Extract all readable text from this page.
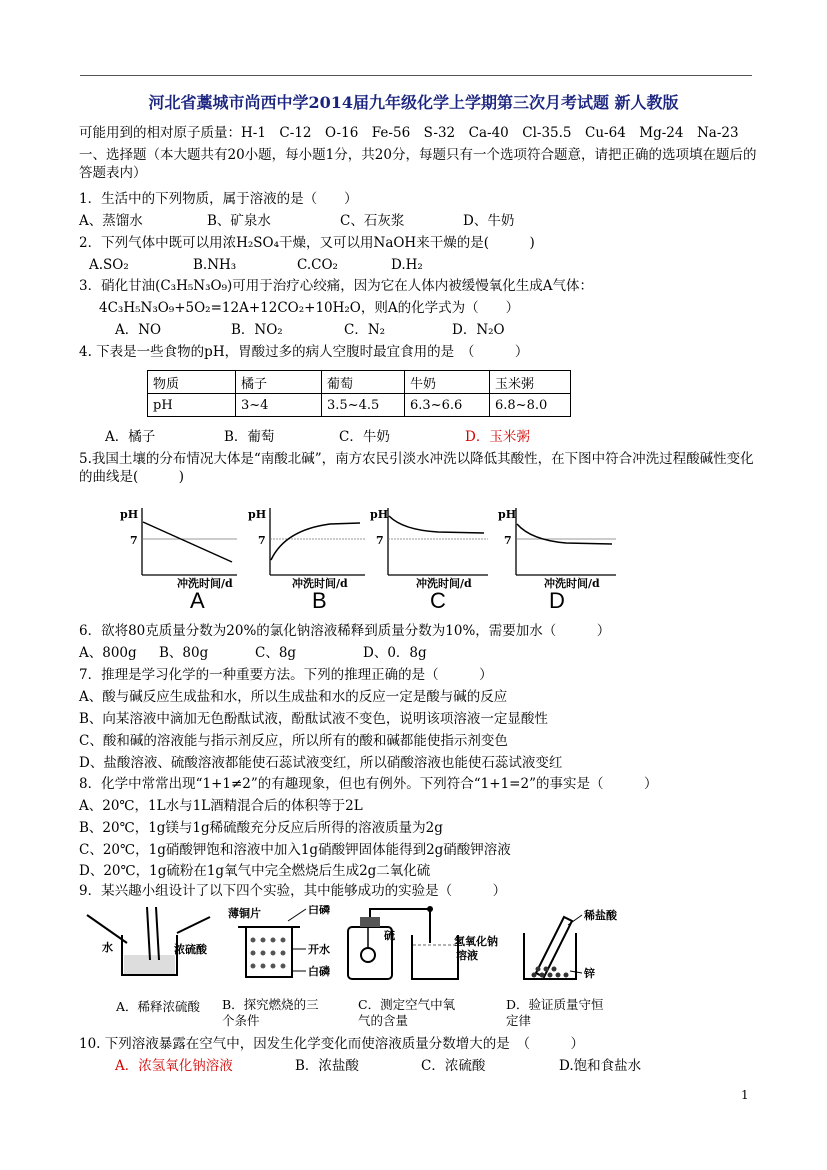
河北省藁城市尚西中学2014届九年级化学上学期第三次月考试题 新人教版
可能用到的相对原子质量：H-1　C-12　O-16　Fe-56　S-32　Ca-40　Cl-35.5　Cu-64　Mg-24　Na-23
一、选择题（本大题共有20小题，每小题1分，共20分，每题只有一个选项符合题意，请把正确的选项填在题后的答题表内）
1．生活中的下列物质，属于溶液的是（　　）
A、蒸馏水	B、矿泉水	C、石灰浆	D、牛奶
2．下列气体中既可以用浓H₂SO₄干燥，又可以用NaOH来干燥的是(　　　)
A.SO₂	B.NH₃	C.CO₂	D.H₂
3．硝化甘油(C₃H₅N₃O₉)可用于治疗心绞痛，因为它在人体内被缓慢氧化生成A气体：
4C₃H₅N₃O₉+5O₂=12A+12CO₂+10H₂O，则A的化学式为（　　）
A．NO	B．NO₂	C．N₂	D．N₂O
4. 下表是一些食物的pH，胃酸过多的病人空腹时最宜食用的是　（　　　）
物质	橘子	葡萄	牛奶	玉米粥
pH	3~4	3.5~4.5	6.3~6.6	6.8~8.0
A．橘子	B．葡萄	C．牛奶	D．玉米粥
5.我国土壤的分布情况大体是“南酸北碱”，南方农民引淡水冲洗以降低其酸性，在下图中符合冲洗过程酸碱性变化的曲线是(　　　)
pH
7
冲洗时间/d
A
pH
7
冲洗时间/d
B
pH
7
冲洗时间/d
C
pH
7
冲洗时间/d
D
6．欲将80克质量分数为20%的氯化钠溶液稀释到质量分数为10%，需要加水（　　　）
A、800g B、80g	C、8g	D、0．8g
7．推理是学习化学的一种重要方法。下列的推理正确的是（　　　）
A、酸与碱反应生成盐和水，所以生成盐和水的反应一定是酸与碱的反应
B、向某溶液中滴加无色酚酞试液，酚酞试液不变色，说明该项溶液一定显酸性
C、酸和碱的溶液能与指示剂反应，所以所有的酸和碱都能使指示剂变色
D、盐酸溶液、硫酸溶液都能使石蕊试液变红，所以硝酸溶液也能使石蕊试液变红
8．化学中常常出现“1+1≠2”的有趣现象，但也有例外。下列符合“1+1=2”的事实是（　　　）
A、20℃，1L水与1L酒精混合后的体积等于2L
B、20℃，1g镁与1g稀硫酸充分反应后所得的溶液质量为2g
C、20℃，1g硝酸钾饱和溶液中加入1g硝酸钾固体能得到2g硝酸钾溶液
D、20℃，1g硫粉在1g氧气中完全燃烧后生成2g二氧化硫
9．某兴趣小组设计了以下四个实验，其中能够成功的实验是（　　　）
水	浓硫酸
薄铜片	白磷
开水
白磷
硫	氢氧化钠
溶液
稀盐酸
锌
A．稀释浓硫酸 B．探究燃烧的三
个条件
C．测定空气中氧
气的含量
D．验证质量守恒
定律
10. 下列溶液暴露在空气中，因发生化学变化而使溶液质量分数增大的是　（　　　）
A．浓氢氧化钠溶液	B．浓盐酸	C．浓硫酸	D.饱和食盐水
1
